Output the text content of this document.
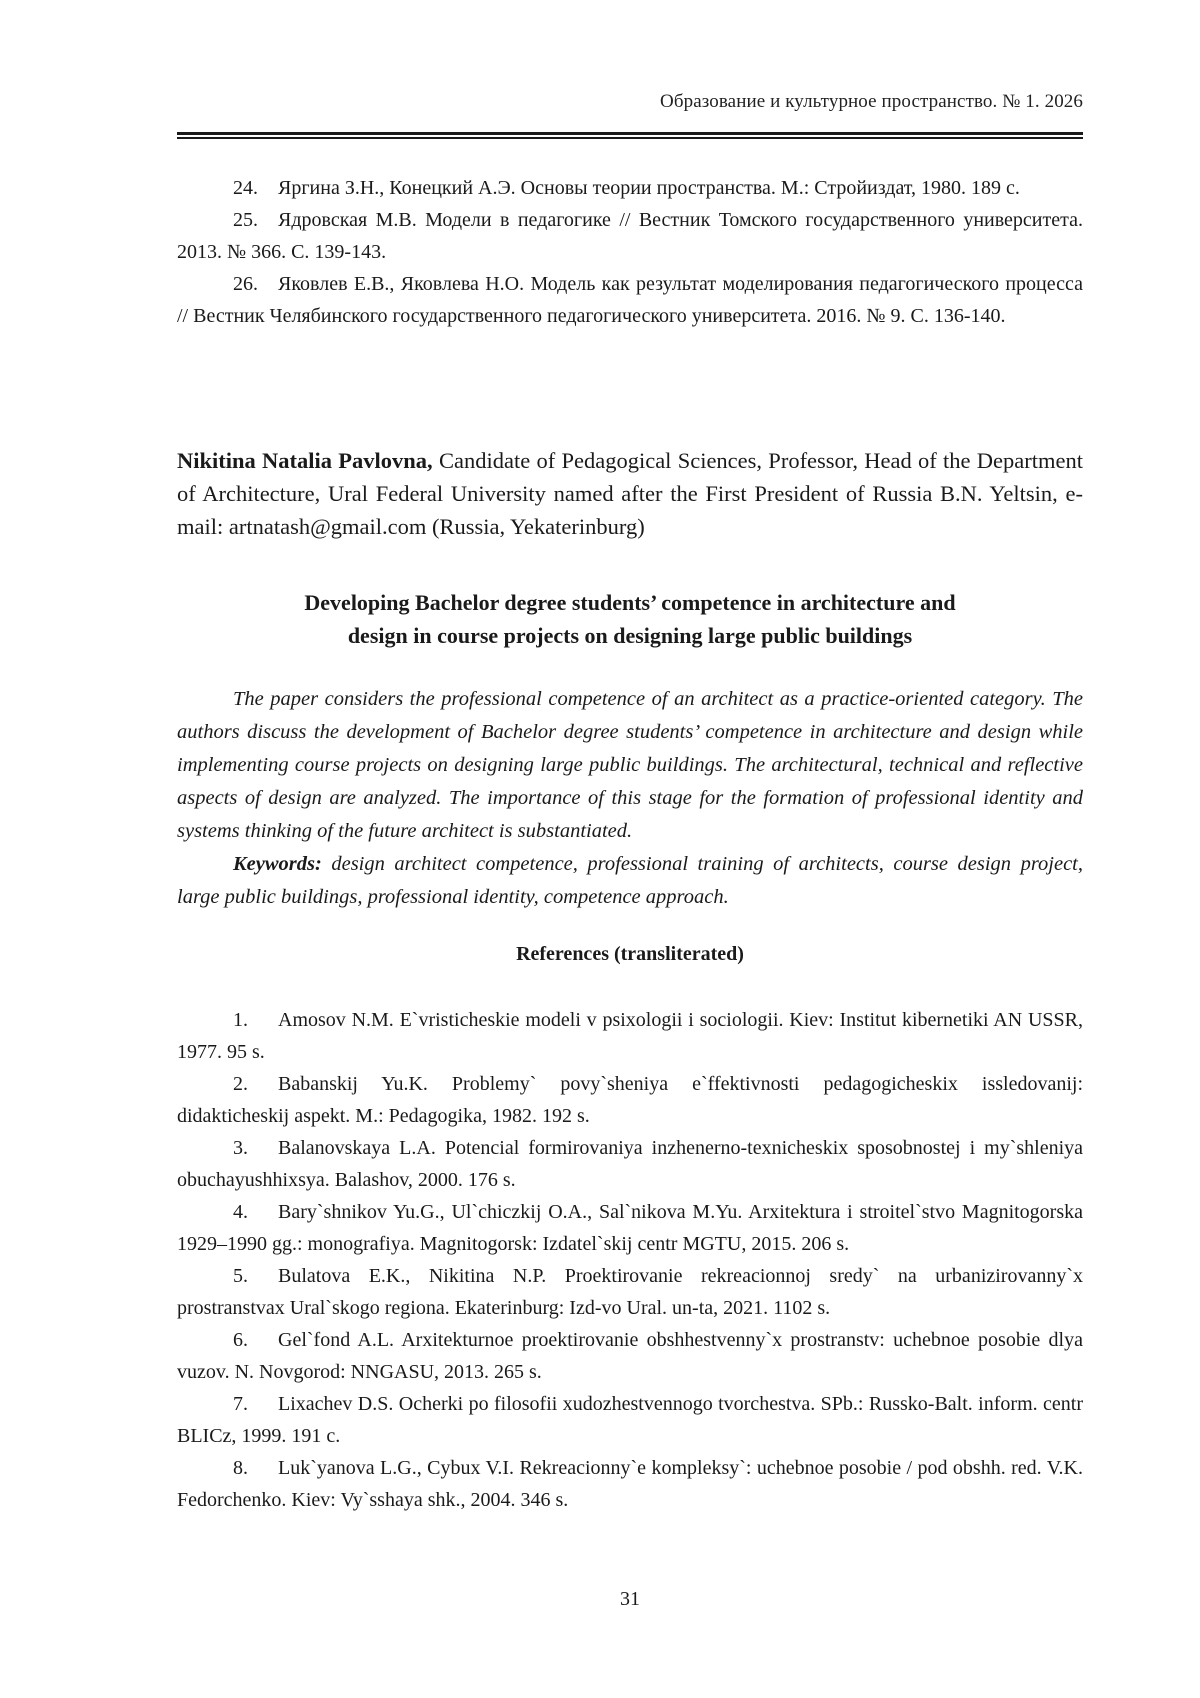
Образование и культурное пространство. № 1. 2026

24. Яргина З.Н., Конецкий А.Э. Основы теории пространства. М.: Стройиздат, 1980. 189 с.

25. Ядровская М.В. Модели в педагогике // Вестник Томского государственного университета. 2013. № 366. С. 139-143.

26. Яковлев Е.В., Яковлева Н.О. Модель как результат моделирования педагогического процесса // Вестник Челябинского государственного педагогического университета. 2016. № 9. С. 136-140.

Nikitina Natalia Pavlovna, Candidate of Pedagogical Sciences, Professor, Head of the Department of Architecture, Ural Federal University named after the First President of Russia B.N. Yeltsin, e-mail: artnatash@gmail.com (Russia, Yekaterinburg)
Developing Bachelor degree students’ competence in architecture and
design in course projects on designing large public buildings

The paper considers the professional competence of an architect as a practice-oriented category. The authors discuss the development of Bachelor degree students’ competence in architecture and design while implementing course projects on designing large public buildings. The architectural, technical and reflective aspects of design are analyzed. The importance of this stage for the formation of professional identity and systems thinking of the future architect is substantiated.

Keywords: design architect competence, professional training of architects, course design project, large public buildings, professional identity, competence approach.

References (transliterated)

1. Amosov N.M. E`vristicheskie modeli v psixologii i sociologii. Kiev: Institut kibernetiki AN USSR, 1977. 95 s.

2. Babanskij Yu.K. Problemy` povy`sheniya e`ffektivnosti pedagogicheskix issledovanij: didakticheskij aspekt. M.: Pedagogika, 1982. 192 s.

3. Balanovskaya L.A. Potencial formirovaniya inzhenerno-texnicheskix sposobnostej i my`shleniya obuchayushhixsya. Balashov, 2000. 176 s.

4. Bary`shnikov Yu.G., Ul`chiczkij O.A., Sal`nikova M.Yu. Arxitektura i stroitel`stvo Magnitogorska 1929–1990 gg.: monografiya. Magnitogorsk: Izdatel`skij centr MGTU, 2015. 206 s.

5. Bulatova E.K., Nikitina N.P. Proektirovanie rekreacionnoj sredy` na urbanizirovanny`x prostranstvax Ural`skogo regiona. Ekaterinburg: Izd-vo Ural. un-ta, 2021. 1102 s.

6. Gel`fond A.L. Arxitekturnoe proektirovanie obshhestvenny`x prostranstv: uchebnoe posobie dlya vuzov. N. Novgorod: NNGASU, 2013. 265 s.

7. Lixachev D.S. Ocherki po filosofii xudozhestvennogo tvorchestva. SPb.: Russko-Balt. inform. centr BLICz, 1999. 191 c.

8. Luk`yanova L.G., Cybux V.I. Rekreacionny`e kompleksy`: uchebnoe posobie / pod obshh. red. V.K. Fedorchenko. Kiev: Vy`sshaya shk., 2004. 346 s.

31
